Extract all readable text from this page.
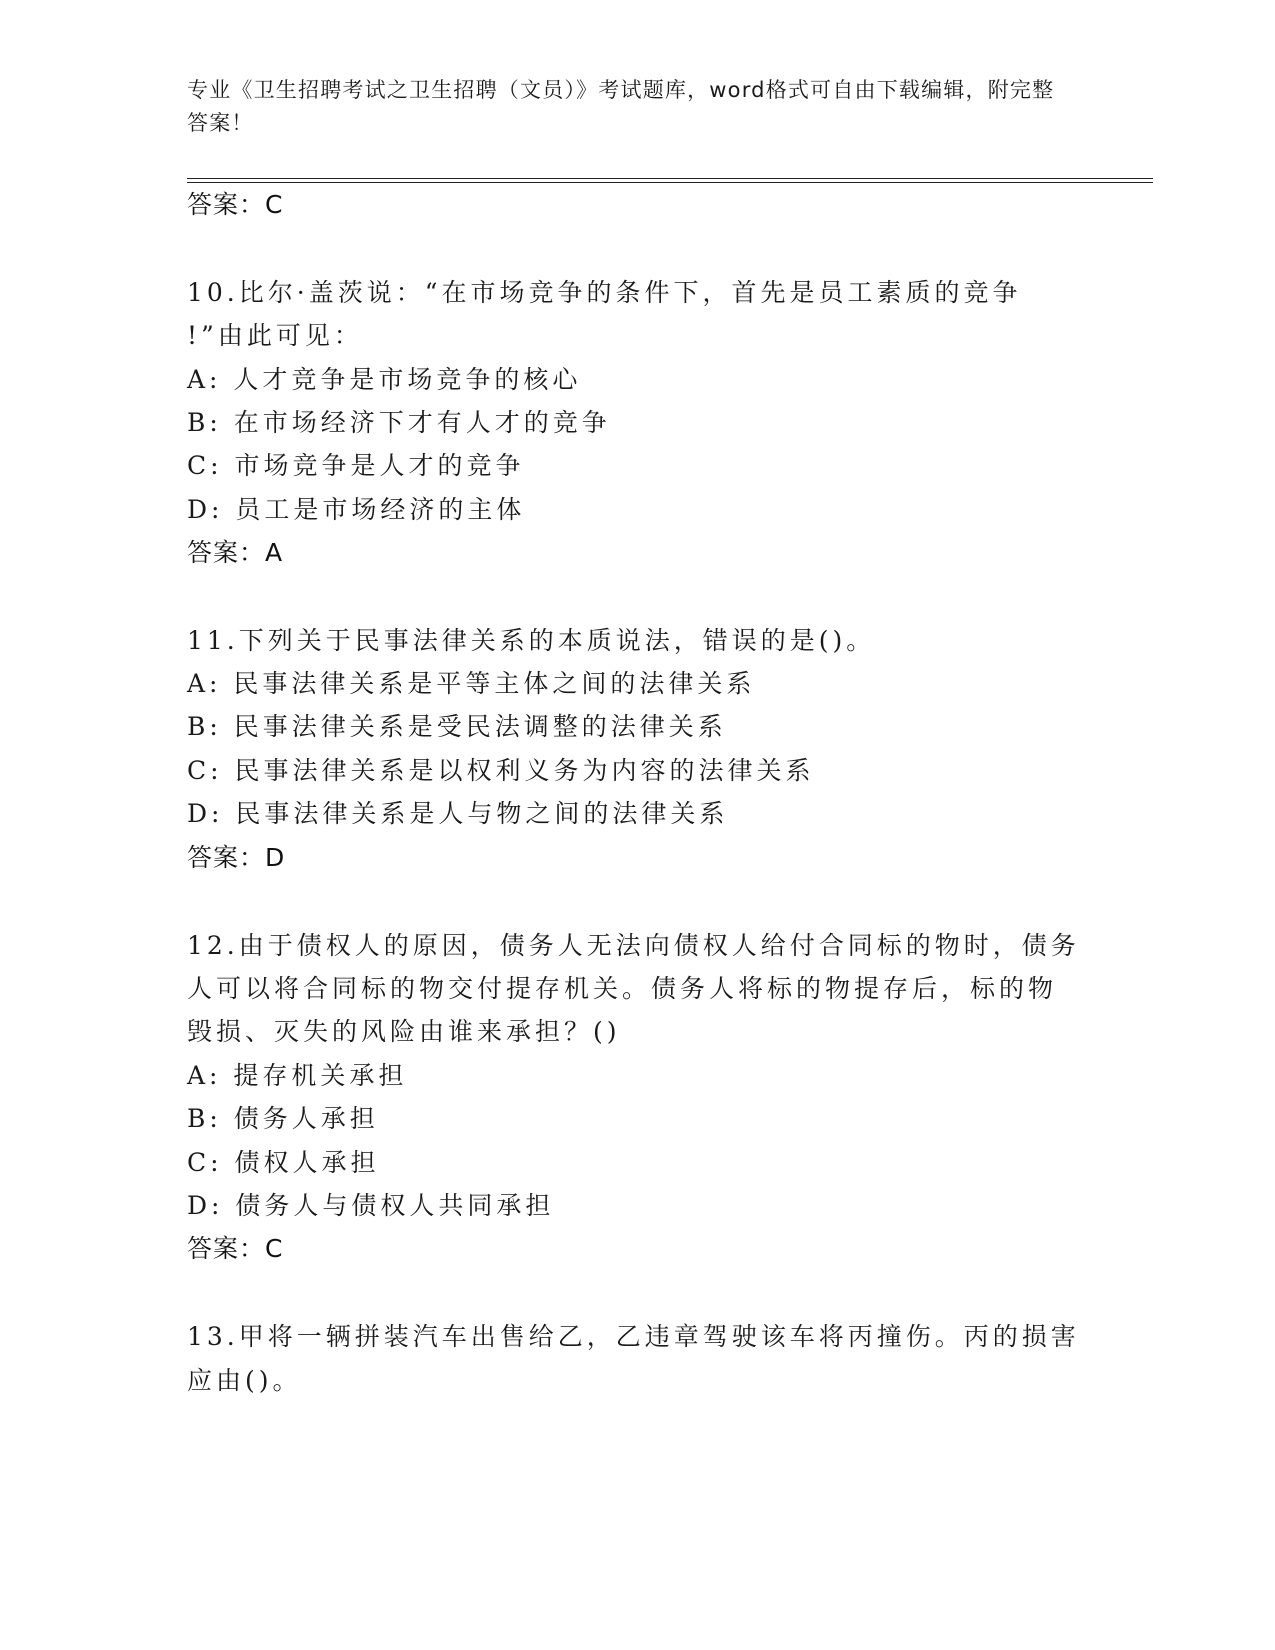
专业《卫生招聘考试之卫生招聘（文员）》考试题库，word格式可自由下载编辑，附完整答案！
答案：C
10.比尔·盖茨说：“在市场竞争的条件下，首先是员工素质的竞争
!”由此可见：
A: 人才竞争是市场竞争的核心
B: 在市场经济下才有人才的竞争
C: 市场竞争是人才的竞争
D: 员工是市场经济的主体
答案：A
11.下列关于民事法律关系的本质说法，错误的是()。
A: 民事法律关系是平等主体之间的法律关系
B: 民事法律关系是受民法调整的法律关系
C: 民事法律关系是以权利义务为内容的法律关系
D: 民事法律关系是人与物之间的法律关系
答案：D
12.由于债权人的原因，债务人无法向债权人给付合同标的物时，债务
人可以将合同标的物交付提存机关。债务人将标的物提存后，标的物
毁损、灭失的风险由谁来承担？()
A: 提存机关承担
B: 债务人承担
C: 债权人承担
D: 债务人与债权人共同承担
答案：C
13.甲将一辆拼装汽车出售给乙，乙违章驾驶该车将丙撞伤。丙的损害
应由()。
